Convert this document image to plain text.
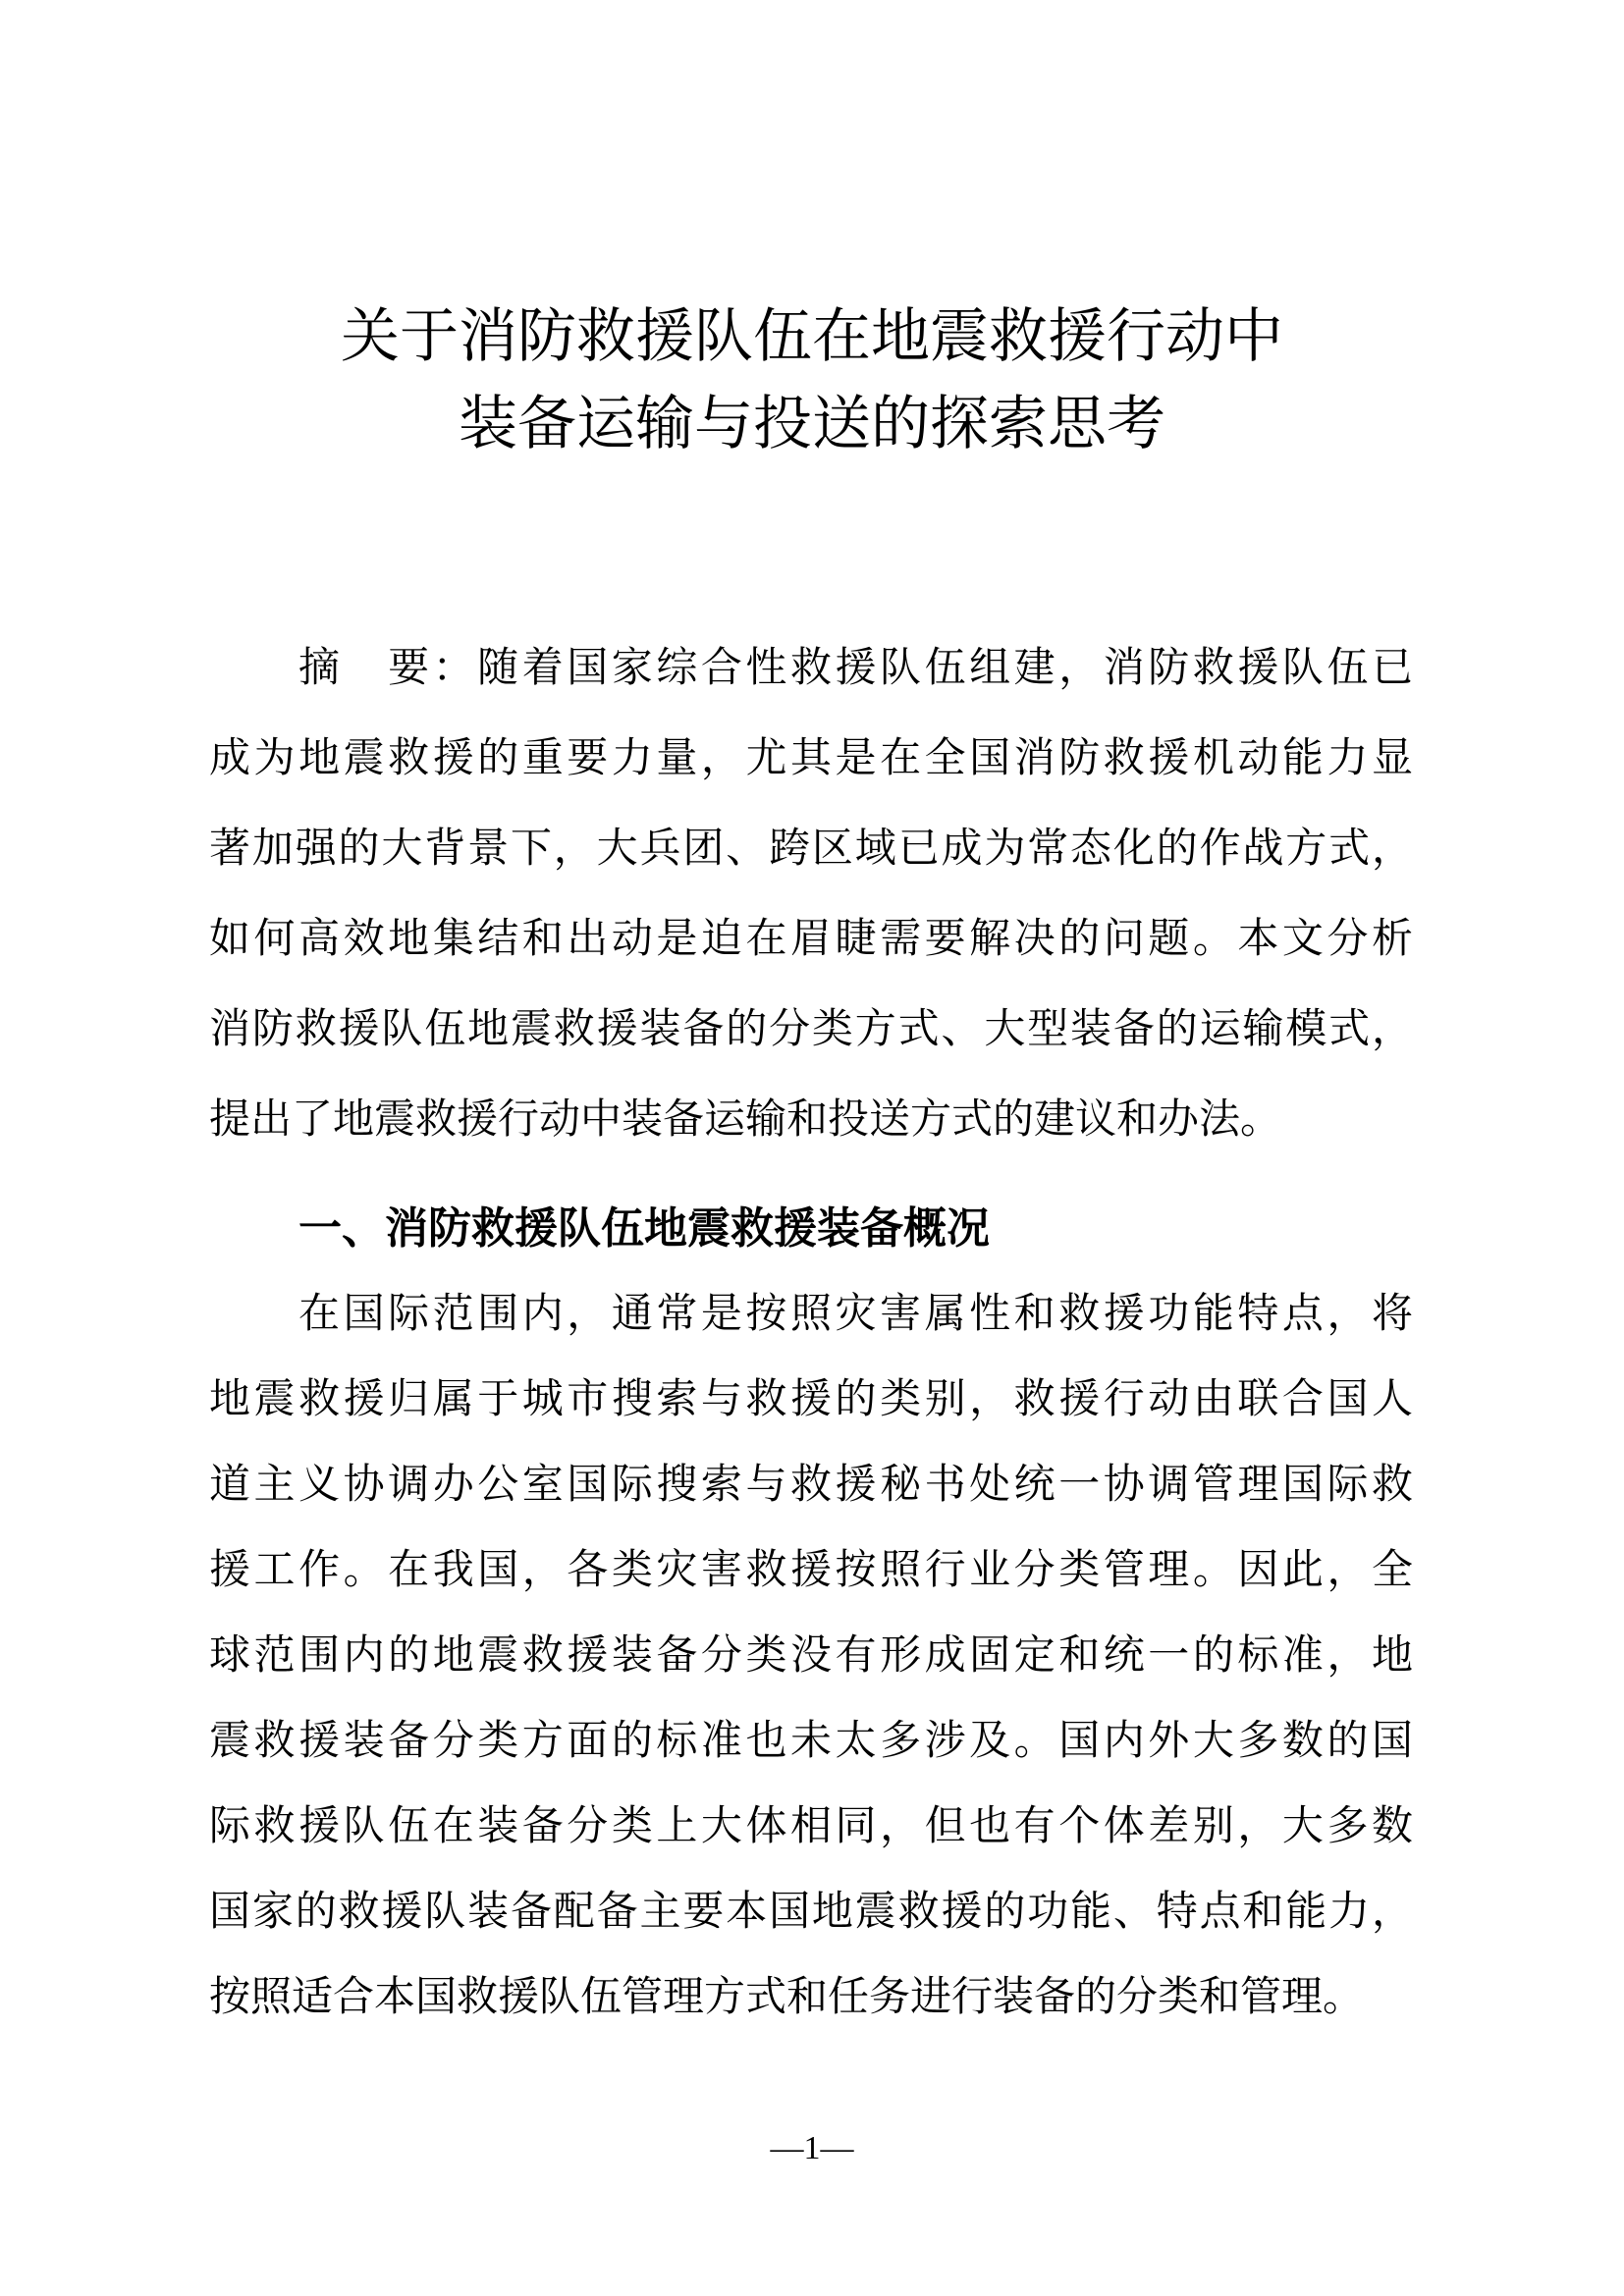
关于消防救援队伍在地震救援行动中
装备运输与投送的探索思考
摘　要：随着国家综合性救援队伍组建，消防救援队伍已
成为地震救援的重要力量，尤其是在全国消防救援机动能力显
著加强的大背景下，大兵团、跨区域已成为常态化的作战方式，
如何高效地集结和出动是迫在眉睫需要解决的问题。本文分析
消防救援队伍地震救援装备的分类方式、大型装备的运输模式，
提出了地震救援行动中装备运输和投送方式的建议和办法。
一、消防救援队伍地震救援装备概况
在国际范围内，通常是按照灾害属性和救援功能特点，将
地震救援归属于城市搜索与救援的类别，救援行动由联合国人
道主义协调办公室国际搜索与救援秘书处统一协调管理国际救
援工作。在我国，各类灾害救援按照行业分类管理。因此，全
球范围内的地震救援装备分类没有形成固定和统一的标准，地
震救援装备分类方面的标准也未太多涉及。国内外大多数的国
际救援队伍在装备分类上大体相同，但也有个体差别，大多数
国家的救援队装备配备主要本国地震救援的功能、特点和能力，
按照适合本国救援队伍管理方式和任务进行装备的分类和管理。
—1—
